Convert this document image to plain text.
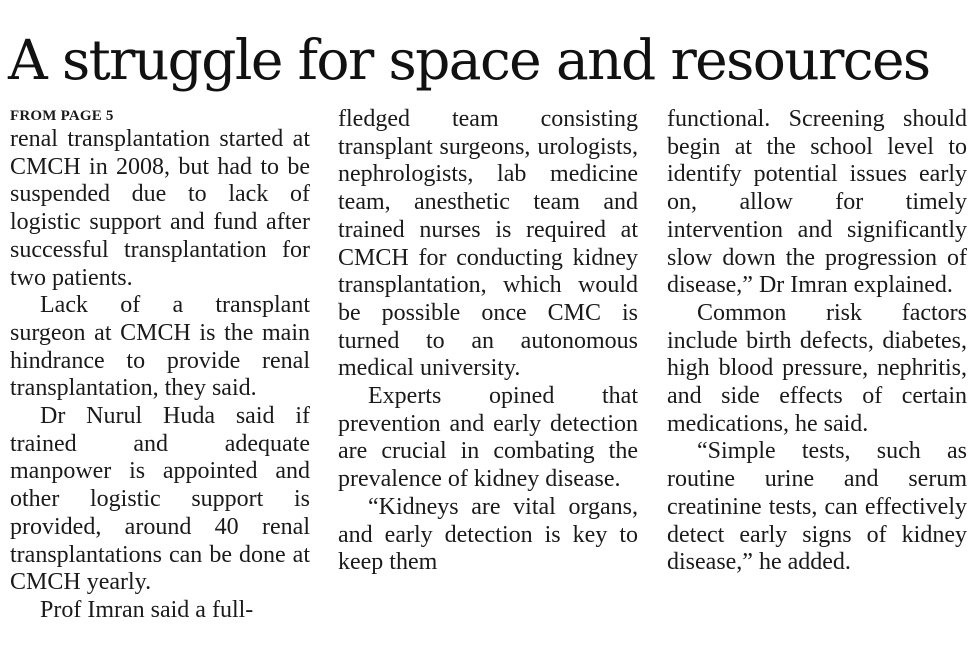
A struggle for space and resources
FROM PAGE 5

renal transplantation started at CMCH in 2008, but had to be suspended due to lack of logistic support and fund after successful transplantation for two patients.

Lack of a transplant surgeon at CMCH is the main hindrance to provide renal transplantation, they said.

Dr Nurul Huda said if trained and adequate manpower is appointed and other logistic support is provided, around 40 renal transplantations can be done at CMCH yearly.

Prof Imran said a full-

fledged team consisting transplant surgeons, urologists, nephrologists, lab medicine team, anesthetic team and trained nurses is required at CMCH for conducting kidney transplantation, which would be possible once CMC is turned to an autonomous medical university.

Experts opined that prevention and early detection are crucial in combating the prevalence of kidney disease.

“Kidneys are vital organs, and early detection is key to keep them

functional. Screening should begin at the school level to identify potential issues early on, allow for timely intervention and significantly slow down the progression of disease,” Dr Imran explained.

Common risk factors include birth defects, diabetes, high blood pressure, nephritis, and side effects of certain medications, he said.

“Simple tests, such as routine urine and serum creatinine tests, can effectively detect early signs of kidney disease,” he added.
